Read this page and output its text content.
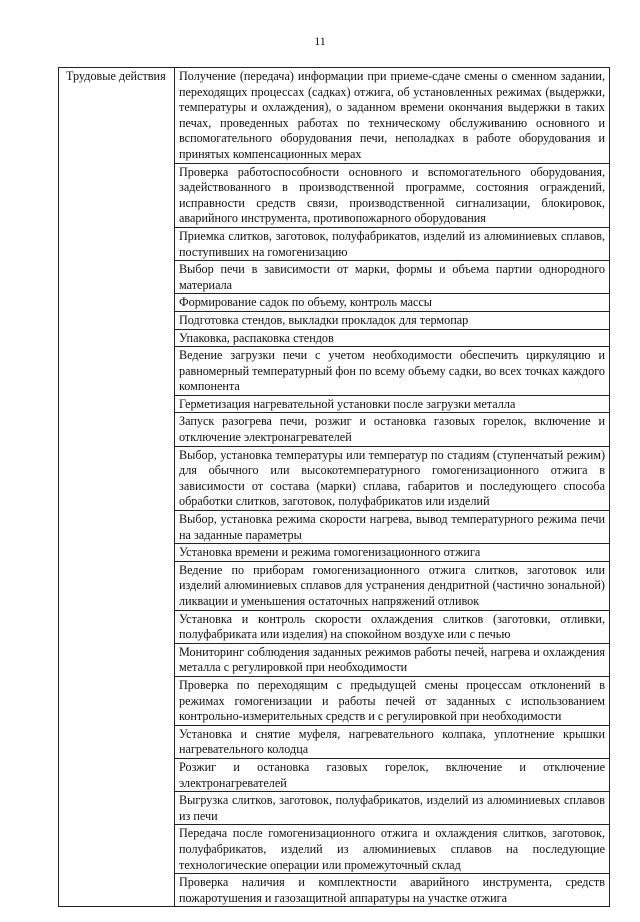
11
Трудовые действия	Получение (передача) информации при приеме-сдаче смены о сменном задании, переходящих процессах (садках) отжига, об установленных режимах (выдержки, температуры и охлаждения), о заданном времени окончания выдержки в таких печах, проведенных работах по техническому обслуживанию основного и вспомогательного оборудования печи, неполадках в работе оборудования и принятых компенсационных мерах
Проверка работоспособности основного и вспомогательного оборудования, задействованного в производственной программе, состояния ограждений, исправности средств связи, производственной сигнализации, блокировок, аварийного инструмента, противопожарного оборудования
Приемка слитков, заготовок, полуфабрикатов, изделий из алюминиевых сплавов, поступивших на гомогенизацию
Выбор печи в зависимости от марки, формы и объема партии однородного материала
Формирование садок по объему, контроль массы
Подготовка стендов, выкладки прокладок для термопар
Упаковка, распаковка стендов
Ведение загрузки печи с учетом необходимости обеспечить циркуляцию и равномерный температурный фон по всему объему садки, во всех точках каждого компонента
Герметизация нагревательной установки после загрузки металла
Запуск разогрева печи, розжиг и остановка газовых горелок, включение и отключение электронагревателей
Выбор, установка температуры или температур по стадиям (ступенчатый режим) для обычного или высокотемпературного гомогенизационного отжига в зависимости от состава (марки) сплава, габаритов и последующего способа обработки слитков, заготовок, полуфабрикатов или изделий
Выбор, установка режима скорости нагрева, вывод температурного режима печи на заданные параметры
Установка времени и режима гомогенизационного отжига
Ведение по приборам гомогенизационного отжига слитков, заготовок или изделий алюминиевых сплавов для устранения дендритной (частично зональной) ликвации и уменьшения остаточных напряжений отливок
Установка и контроль скорости охлаждения слитков (заготовки, отливки, полуфабриката или изделия) на спокойном воздухе или с печью
Мониторинг соблюдения заданных режимов работы печей, нагрева и охлаждения металла с регулировкой при необходимости
Проверка по переходящим с предыдущей смены процессам отклонений в режимах гомогенизации и работы печей от заданных с использованием контрольно-измерительных средств и с регулировкой при необходимости
Установка и снятие муфеля, нагревательного колпака, уплотнение крышки нагревательного колодца
Розжиг и остановка газовых горелок, включение и отключение электронагревателей
Выгрузка слитков, заготовок, полуфабрикатов, изделий из алюминиевых сплавов из печи
Передача после гомогенизационного отжига и охлаждения слитков, заготовок, полуфабрикатов, изделий из алюминиевых сплавов на последующие технологические операции или промежуточный склад
Проверка наличия и комплектности аварийного инструмента, средств пожаротушения и газозащитной аппаратуры на участке отжига
